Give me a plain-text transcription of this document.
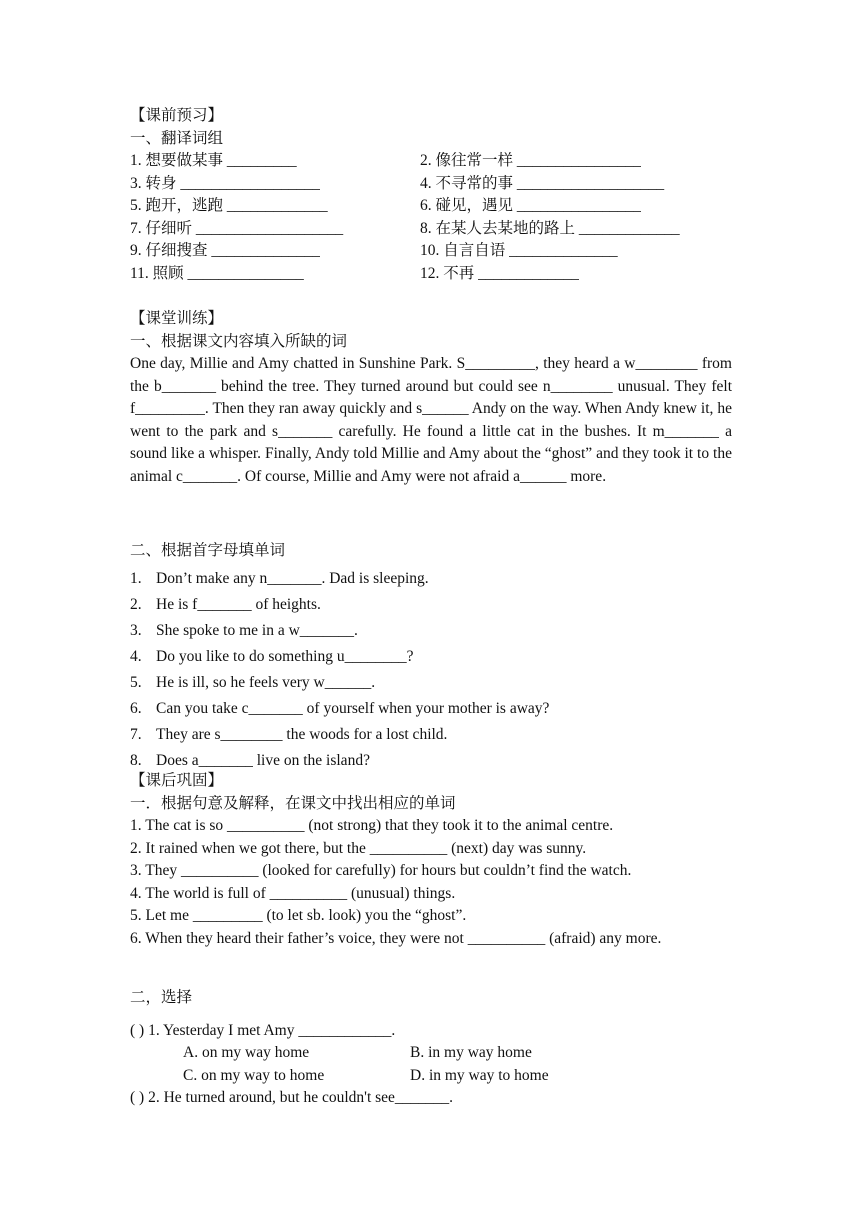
【课前预习】
一、翻译词组
1. 想要做某事 _________	2. 像往常一样 ________________
3. 转身 __________________	4. 不寻常的事 ___________________
5. 跑开，逃跑 _____________	6. 碰见，遇见 ________________
7. 仔细听 ___________________	8. 在某人去某地的路上 _____________
9. 仔细搜查 ______________	10. 自言自语 ______________
11. 照顾 _______________	12. 不再 _____________
【课堂训练】
一、根据课文内容填入所缺的词
One day, Millie and Amy chatted in Sunshine Park. S_________, they heard a w________ from the b_______ behind the tree. They turned around but could see n________ unusual. They felt f_________. Then they ran away quickly and s______ Andy on the way. When Andy knew it, he went to the park and s_______ carefully. He found a little cat in the bushes. It m_______ a sound like a whisper. Finally, Andy told Millie and Amy about the “ghost” and they took it to the animal c_______. Of course, Millie and Amy were not afraid a______ more.
二、根据首字母填单词
1. Don’t make any n_______. Dad is sleeping.
2. He is f_______ of heights.
3. She spoke to me in a w_______.
4. Do you like to do something u________?
5. He is ill, so he feels very w______.
6. Can you take c_______ of yourself when your mother is away?
7. They are s________ the woods for a lost child.
8. Does a_______ live on the island?
【课后巩固】
一．根据句意及解释，在课文中找出相应的单词
1. The cat is so __________ (not strong) that they took it to the animal centre.
2. It rained when we got there, but the __________ (next) day was sunny.
3. They __________ (looked for carefully) for hours but couldn’t find the watch.
4. The world is full of __________ (unusual) things.
5. Let me _________ (to let sb. look) you the “ghost”.
6. When they heard their father’s voice, they were not __________ (afraid) any more.
二，选择
( ) 1. Yesterday I met Amy ____________.
A. on my way home	B. in my way home
C. on my way to home	D. in my way to home
( ) 2. He turned around, but he couldn't see_______.
